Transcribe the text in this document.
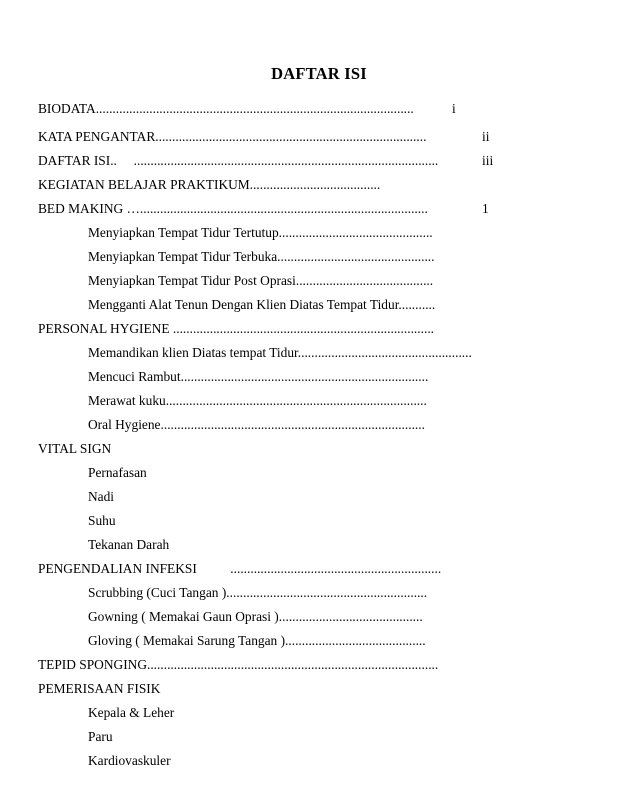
DAFTAR ISI
BIODATA...............................................................................................	i
KATA PENGANTAR.................................................................................	ii
DAFTAR ISI..     ...........................................................................................	iii
KEGIATAN BELAJAR PRAKTIKUM.......................................
BED MAKING …......................................................................................	1
Menyiapkan Tempat Tidur Tertutup..............................................
Menyiapkan Tempat Tidur Terbuka...............................................
Menyiapkan Tempat Tidur Post Oprasi.........................................
Mengganti Alat Tenun Dengan Klien Diatas Tempat Tidur...........
PERSONAL HYGIENE ..............................................................................
Memandikan klien Diatas tempat Tidur....................................................
Mencuci Rambut..........................................................................
Merawat kuku..............................................................................
Oral Hygiene...............................................................................
VITAL SIGN
Pernafasan
Nadi
Suhu
Tekanan Darah
PENGENDALIAN INFEKSI          ...............................................................
Scrubbing (Cuci Tangan )............................................................
Gowning ( Memakai Gaun Oprasi )...........................................
Gloving ( Memakai Sarung Tangan )..........................................
TEPID SPONGING.......................................................................................
PEMERISAAN FISIK
Kepala & Leher
Paru
Kardiovaskuler
